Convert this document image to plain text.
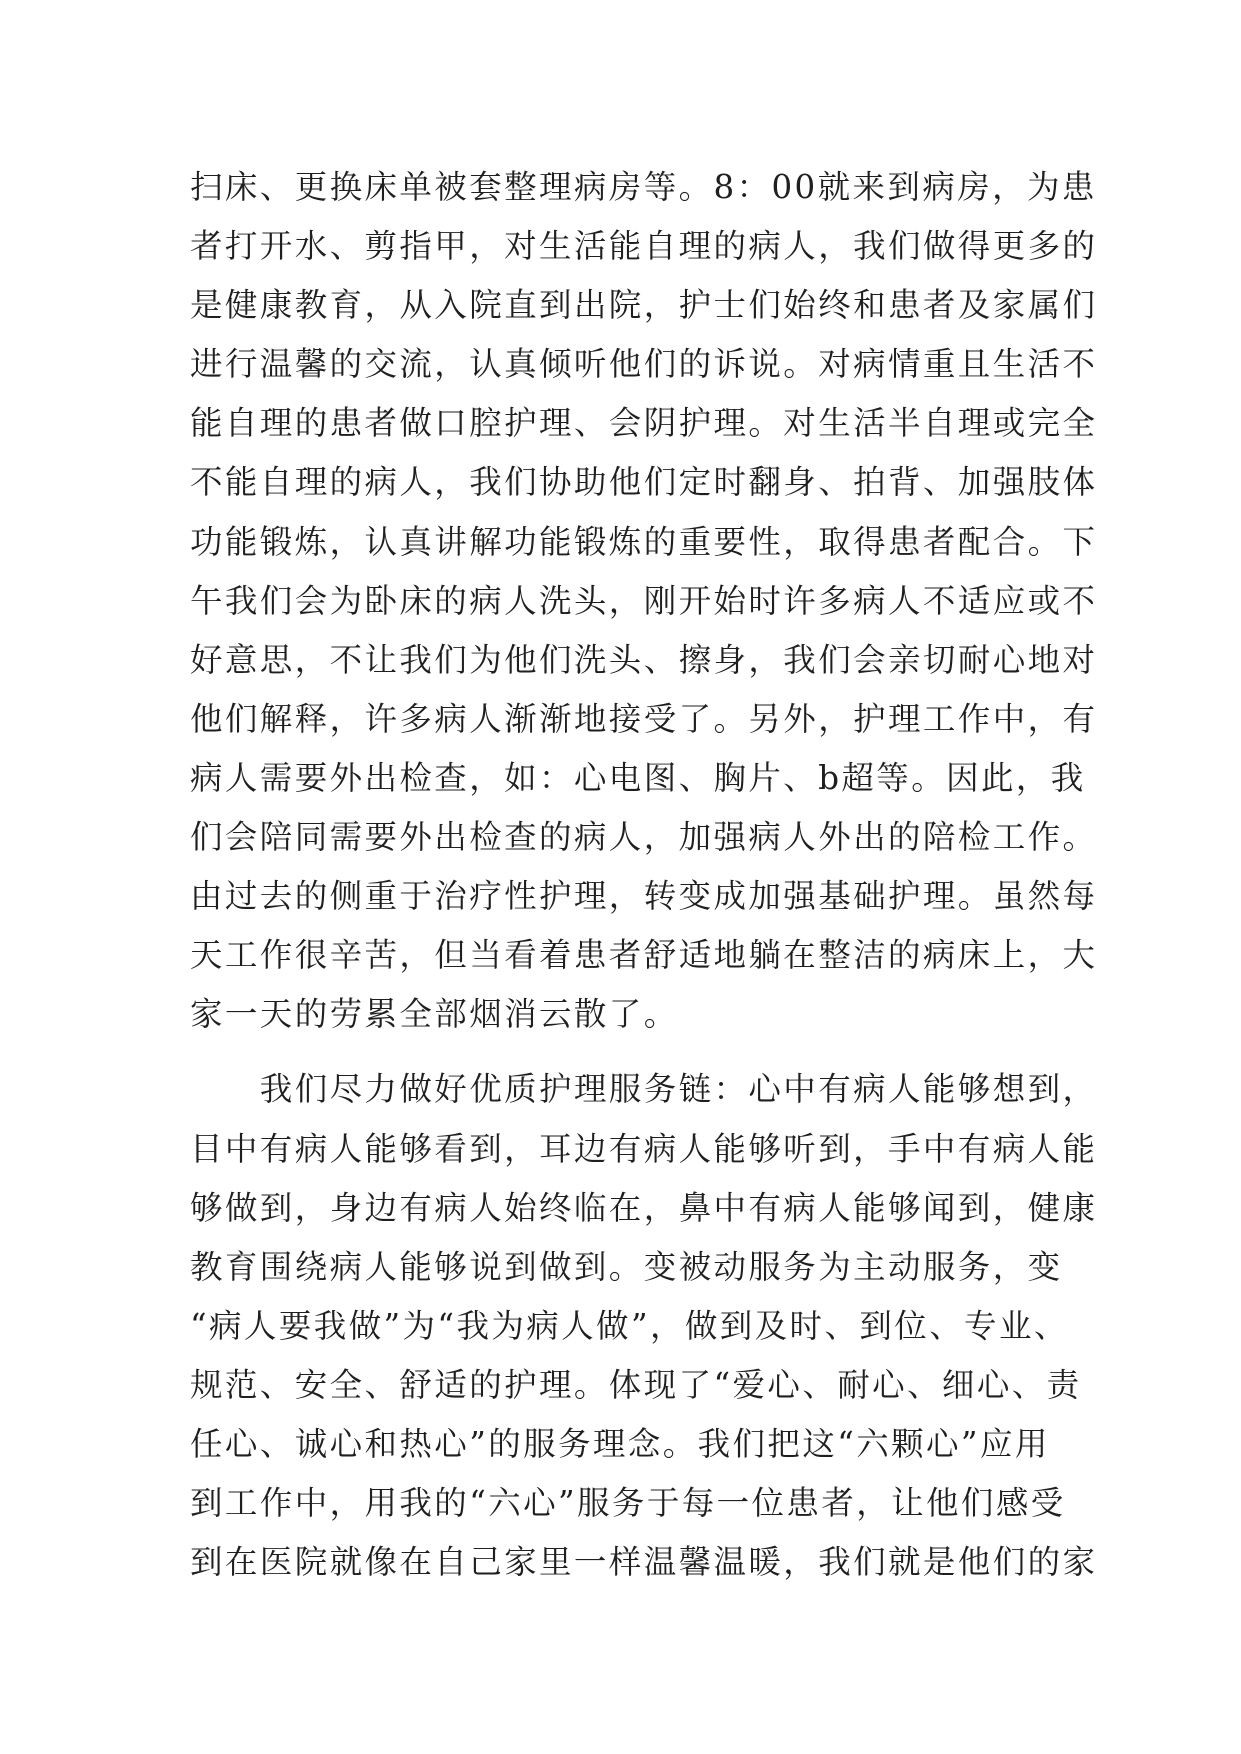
扫床、更换床单被套整理病房等。8：00就来到病房，为患
者打开水、剪指甲，对生活能自理的病人，我们做得更多的
是健康教育，从入院直到出院，护士们始终和患者及家属们
进行温馨的交流，认真倾听他们的诉说。对病情重且生活不
能自理的患者做口腔护理、会阴护理。对生活半自理或完全
不能自理的病人，我们协助他们定时翻身、拍背、加强肢体
功能锻炼，认真讲解功能锻炼的重要性，取得患者配合。下
午我们会为卧床的病人洗头，刚开始时许多病人不适应或不
好意思，不让我们为他们洗头、擦身，我们会亲切耐心地对
他们解释，许多病人渐渐地接受了。另外，护理工作中，有
病人需要外出检查，如：心电图、胸片、b超等。因此，我
们会陪同需要外出检查的病人，加强病人外出的陪检工作。
由过去的侧重于治疗性护理，转变成加强基础护理。虽然每
天工作很辛苦，但当看着患者舒适地躺在整洁的病床上，大
家一天的劳累全部烟消云散了。
　　我们尽力做好优质护理服务链：心中有病人能够想到，
目中有病人能够看到，耳边有病人能够听到，手中有病人能
够做到，身边有病人始终临在，鼻中有病人能够闻到，健康
教育围绕病人能够说到做到。变被动服务为主动服务，变
“病人要我做”为“我为病人做”，做到及时、到位、专业、
规范、安全、舒适的护理。体现了“爱心、耐心、细心、责
任心、诚心和热心”的服务理念。我们把这“六颗心”应用
到工作中，用我的“六心”服务于每一位患者，让他们感受
到在医院就像在自己家里一样温馨温暖，我们就是他们的家
